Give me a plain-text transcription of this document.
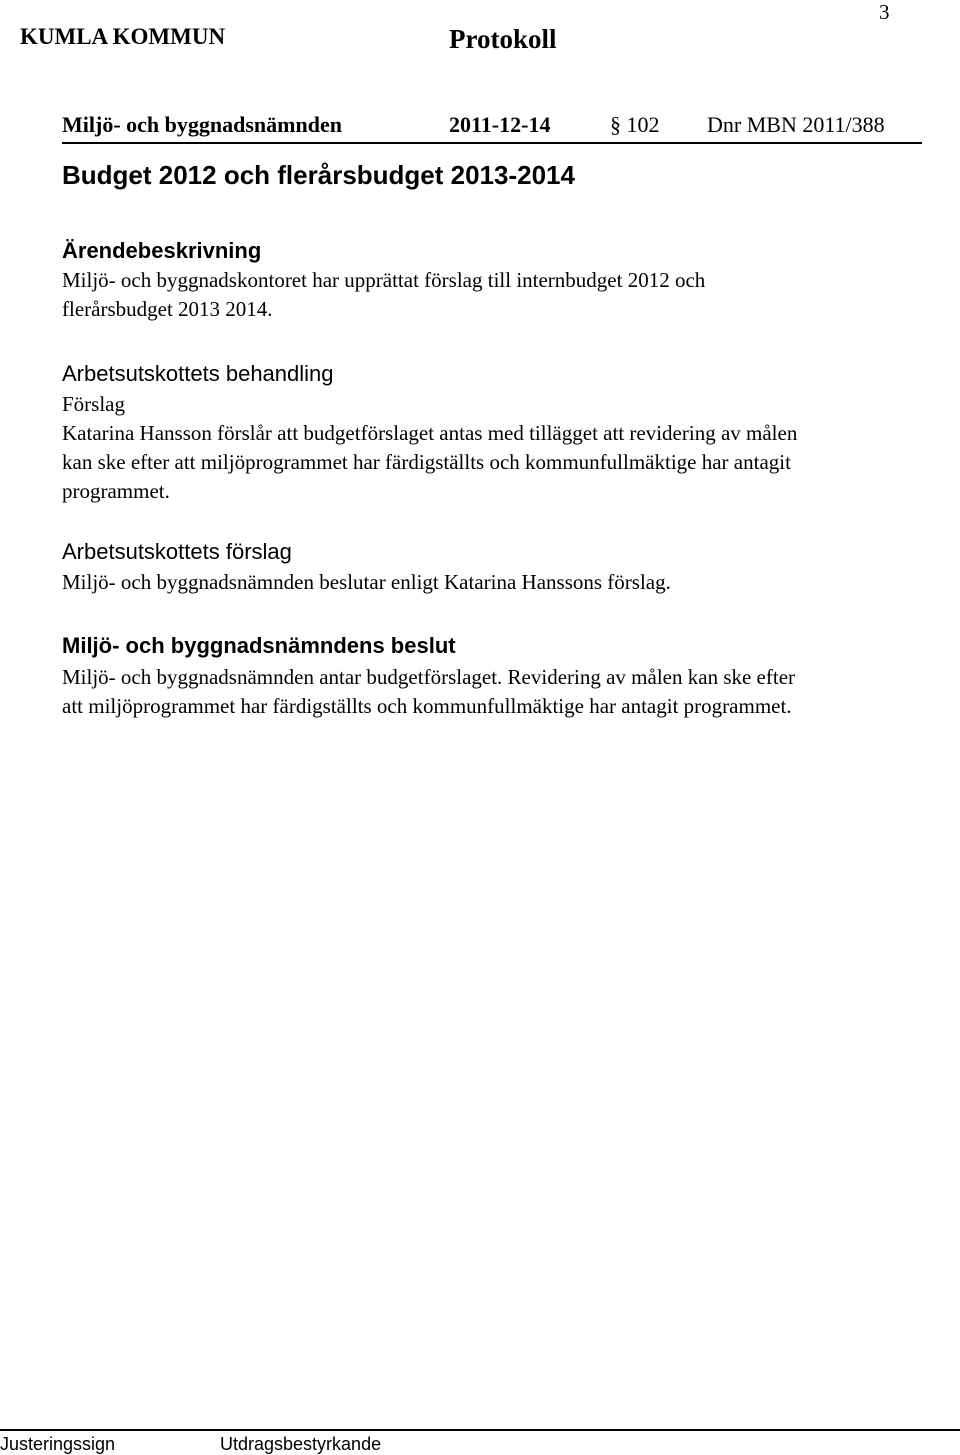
KUMLA KOMMUN	Protokoll
3
Miljö- och byggnadsnämnden	2011-12-14	§ 102 Dnr MBN 2011/388
Budget 2012 och flerårsbudget 2013-2014
Ärendebeskrivning
Miljö- och byggnadskontoret har upprättat förslag till internbudget 2012 och
flerårsbudget 2013 2014.
Arbetsutskottets behandling
Förslag
Katarina Hansson förslår att budgetförslaget antas med tillägget att revidering av målen
kan ske efter att miljöprogrammet har färdigställts och kommunfullmäktige har antagit
programmet.
Arbetsutskottets förslag
Miljö- och byggnadsnämnden beslutar enligt Katarina Hanssons förslag.
Miljö- och byggnadsnämndens beslut
Miljö- och byggnadsnämnden antar budgetförslaget. Revidering av målen kan ske efter
att miljöprogrammet har färdigställts och kommunfullmäktige har antagit programmet.
Justeringssign	Utdragsbestyrkande
